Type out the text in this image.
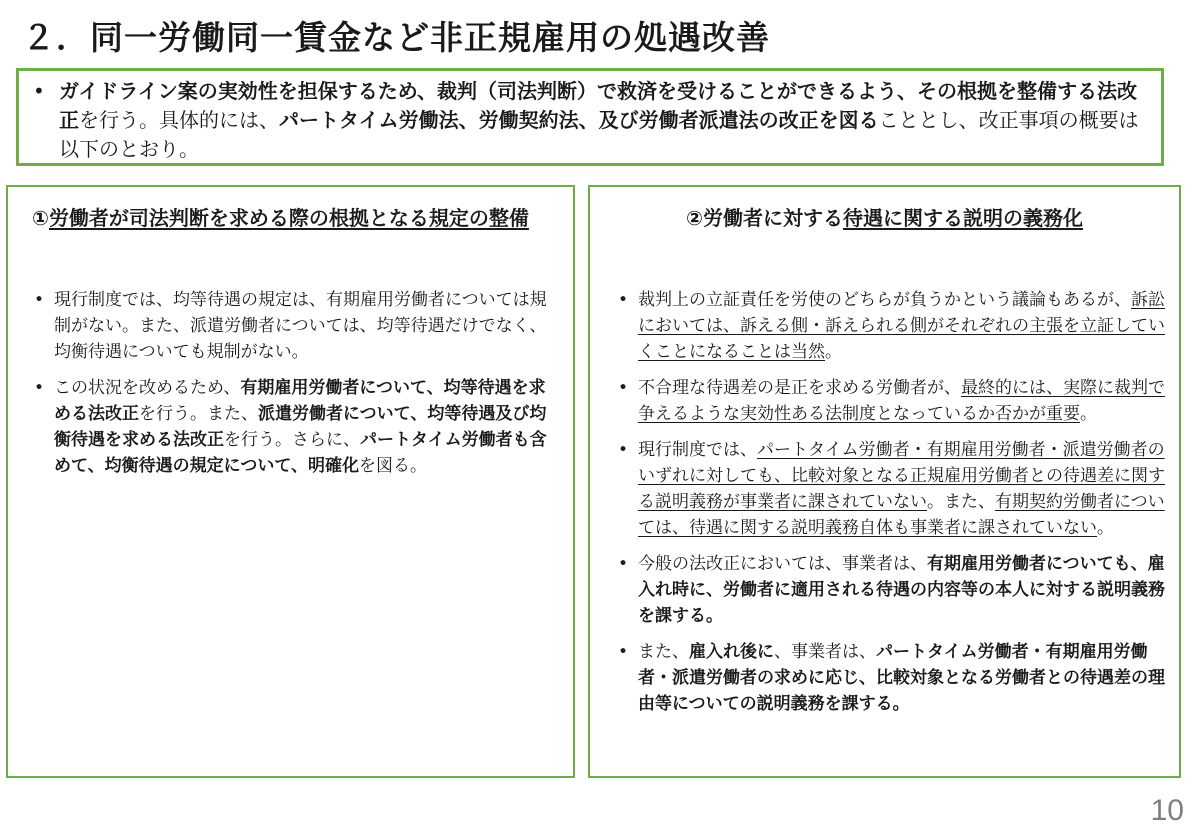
２．同一労働同一賃金など非正規雇用の処遇改善
• ガイドライン案の実効性を担保するため、裁判（司法判断）で救済を受けることができるよう、その根拠を整備する法改正を行う。具体的には、パートタイム労働法、労働契約法、及び労働者派遣法の改正を図ることとし、改正事項の概要は以下のとおり。
①労働者が司法判断を求める際の根拠となる規定の整備
• 現行制度では、均等待遇の規定は、有期雇用労働者については規制がない。また、派遣労働者については、均等待遇だけでなく、均衡待遇についても規制がない。
• この状況を改めるため、有期雇用労働者について、均等待遇を求める法改正を行う。また、派遣労働者について、均等待遇及び均衡待遇を求める法改正を行う。さらに、パートタイム労働者も含めて、均衡待遇の規定について、明確化を図る。
②労働者に対する待遇に関する説明の義務化
• 裁判上の立証責任を労使のどちらが負うかという議論もあるが、訴訟においては、訴える側・訴えられる側がそれぞれの主張を立証していくことになることは当然。
• 不合理な待遇差の是正を求める労働者が、最終的には、実際に裁判で争えるような実効性ある法制度となっているか否かが重要。
• 現行制度では、パートタイム労働者・有期雇用労働者・派遣労働者のいずれに対しても、比較対象となる正規雇用労働者との待遇差に関する説明義務が事業者に課されていない。また、有期契約労働者については、待遇に関する説明義務自体も事業者に課されていない。
• 今般の法改正においては、事業者は、有期雇用労働者についても、雇入れ時に、労働者に適用される待遇の内容等の本人に対する説明義務を課する。
• また、雇入れ後に、事業者は、パートタイム労働者・有期雇用労働者・派遣労働者の求めに応じ、比較対象となる労働者との待遇差の理由等についての説明義務を課する。
10
